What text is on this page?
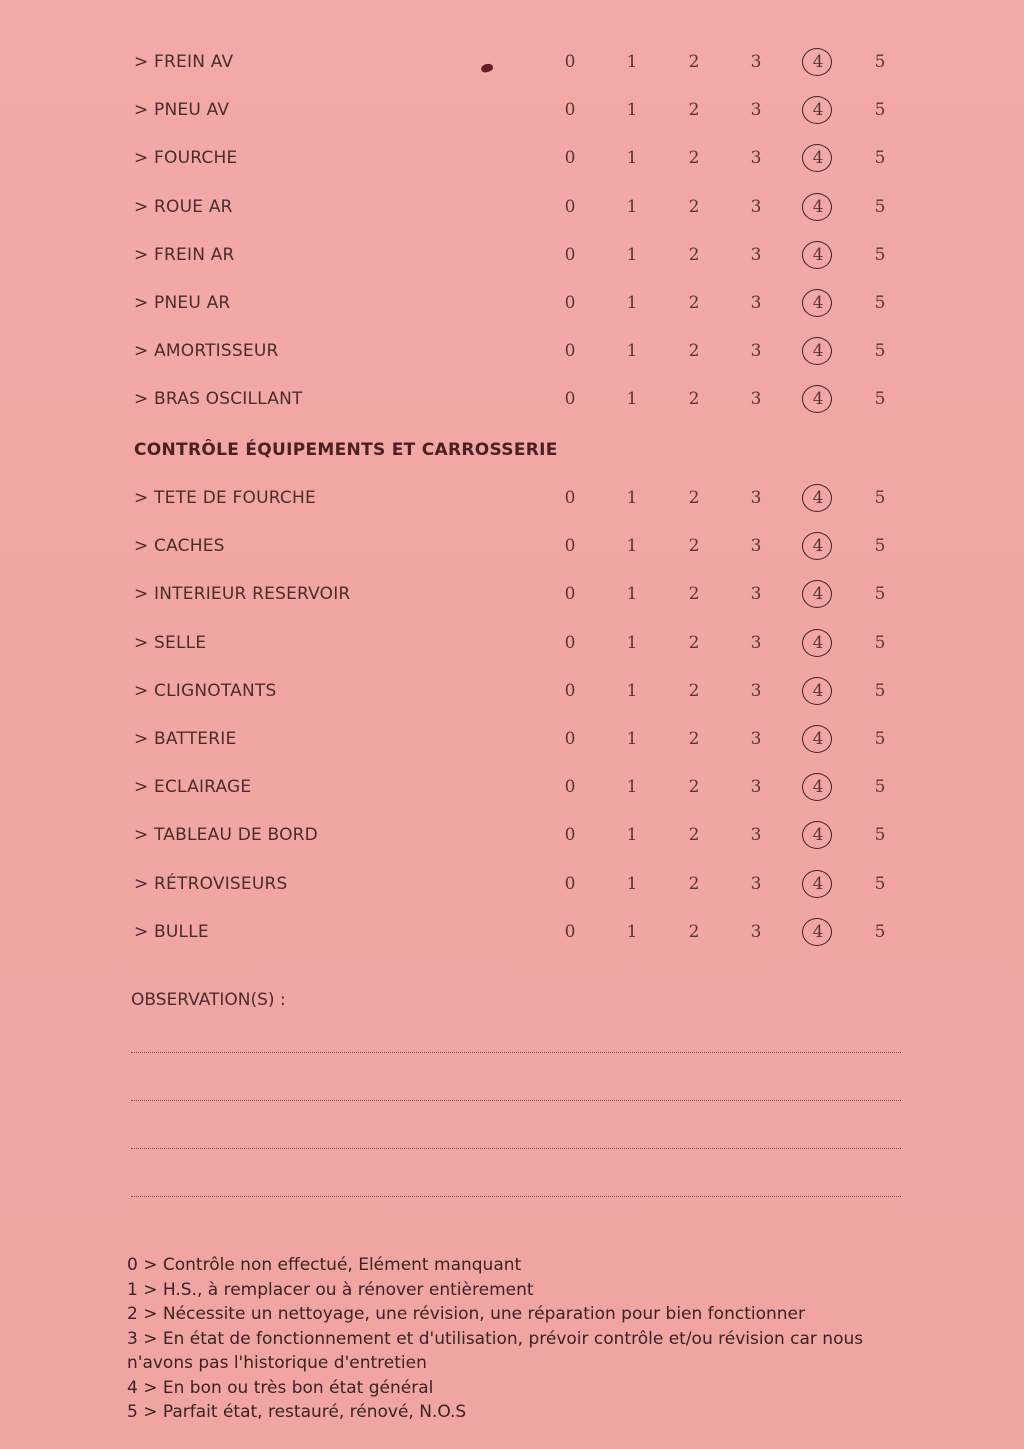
> FREIN AV	0	1	2	3	4	5
> PNEU AV	0	1	2	3	4	5
> FOURCHE	0	1	2	3	4	5
> ROUE AR	0	1	2	3	4	5
> FREIN AR	0	1	2	3	4	5
> PNEU AR	0	1	2	3	4	5
> AMORTISSEUR	0	1	2	3	4	5
> BRAS OSCILLANT	0	1	2	3	4	5
> TETE DE FOURCHE	0	1	2	3	4	5
> CACHES	0	1	2	3	4	5
> INTERIEUR RESERVOIR	0	1	2	3	4	5
> SELLE	0	1	2	3	4	5
> CLIGNOTANTS	0	1	2	3	4	5
> BATTERIE	0	1	2	3	4	5
> ECLAIRAGE	0	1	2	3	4	5
> TABLEAU DE BORD	0	1	2	3	4	5
> RÉTROVISEURS	0	1	2	3	4	5
> BULLE	0	1	2	3	4	5
CONTRÔLE ÉQUIPEMENTS ET CARROSSERIE
OBSERVATION(S) :
0 > Contrôle non effectué, Elément manquant
1 > H.S., à remplacer ou à rénover entièrement
2 > Nécessite un nettoyage, une révision, une réparation pour bien fonctionner
3 > En état de fonctionnement et d'utilisation, prévoir contrôle et/ou révision car nous n'avons pas l'historique d'entretien
4 > En bon ou très bon état général
5 > Parfait état, restauré, rénové, N.O.S
